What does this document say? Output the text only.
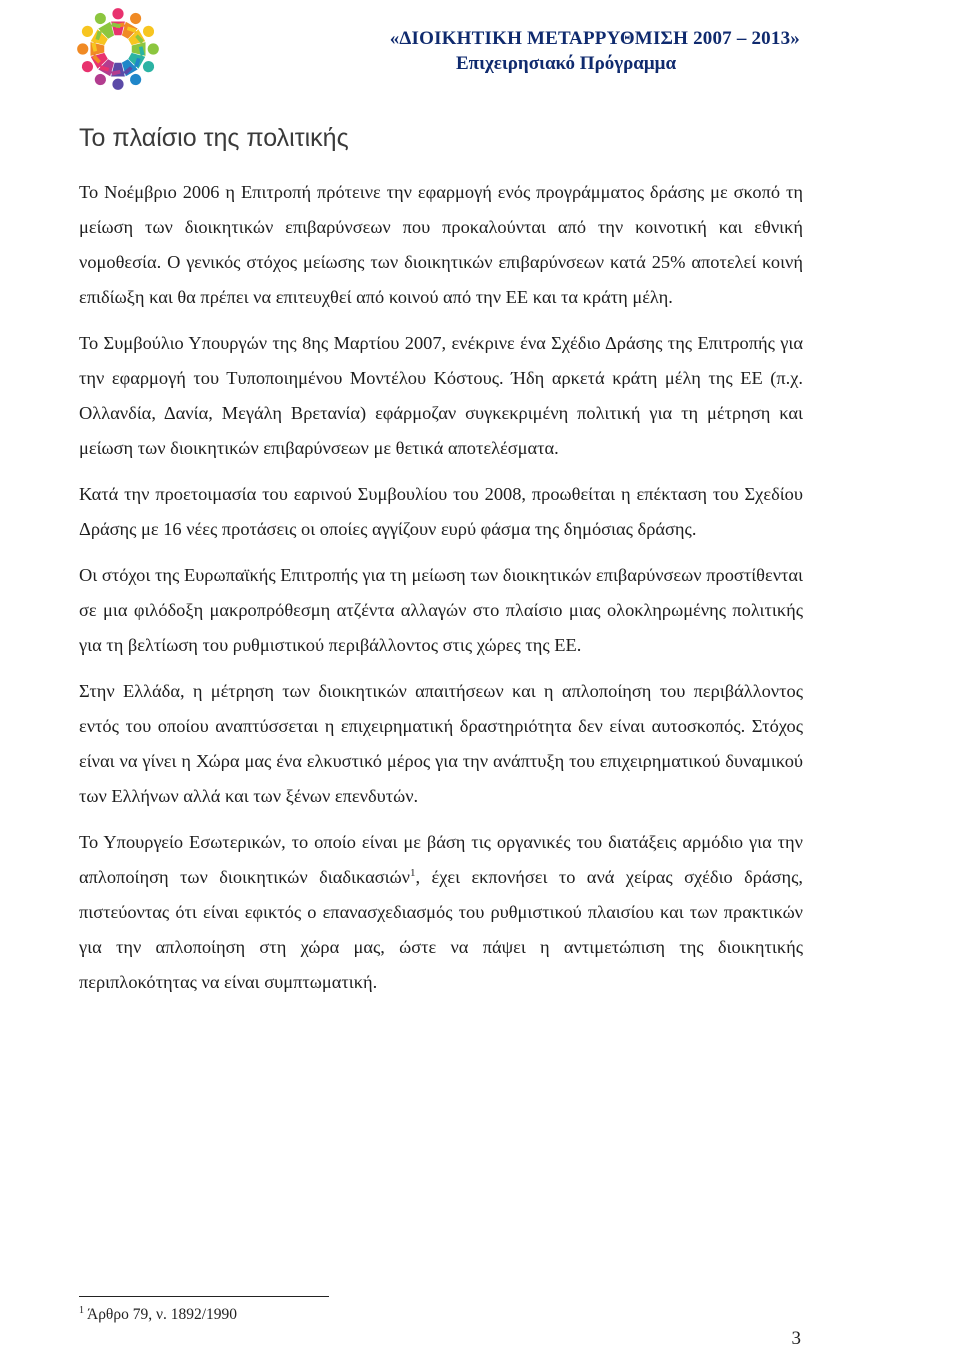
«ΔΙΟΙΚΗΤΙΚΗ ΜΕΤΑΡΡΥΘΜΙΣΗ 2007 – 2013»
Επιχειρησιακό Πρόγραμμα
Το πλαίσιο της πολιτικής

Το Νοέμβριο 2006 η Επιτροπή πρότεινε την εφαρμογή ενός προγράμματος δράσης με σκοπό τη μείωση των διοικητικών επιβαρύνσεων που προκαλούνται από την κοινοτική και εθνική νομοθεσία. Ο γενικός στόχος μείωσης των διοικητικών επιβαρύνσεων κατά 25% αποτελεί κοινή επιδίωξη και θα πρέπει να επιτευχθεί από κοινού από την ΕΕ και τα κράτη μέλη.

Το Συμβούλιο Υπουργών της 8ης Μαρτίου 2007, ενέκρινε ένα Σχέδιο Δράσης της Επιτροπής για την εφαρμογή του Τυποποιημένου Μοντέλου Κόστους. Ήδη αρκετά κράτη μέλη της ΕΕ (π.χ. Ολλανδία, Δανία, Μεγάλη Βρετανία) εφάρμοζαν συγκεκριμένη πολιτική για τη μέτρηση και μείωση των διοικητικών επιβαρύνσεων με θετικά αποτελέσματα.

Κατά την προετοιμασία του εαρινού Συμβουλίου του 2008, προωθείται η επέκταση του Σχεδίου Δράσης με 16 νέες προτάσεις οι οποίες αγγίζουν ευρύ φάσμα της δημόσιας δράσης.

Οι στόχοι της Ευρωπαϊκής Επιτροπής για τη μείωση των διοικητικών επιβαρύνσεων προστίθενται σε μια φιλόδοξη μακροπρόθεσμη ατζέντα αλλαγών στο πλαίσιο μιας ολοκληρωμένης πολιτικής για τη βελτίωση του ρυθμιστικού περιβάλλοντος στις χώρες της ΕΕ.

Στην Ελλάδα, η μέτρηση των διοικητικών απαιτήσεων και η απλοποίηση του περιβάλλοντος εντός του οποίου αναπτύσσεται η επιχειρηματική δραστηριότητα δεν είναι αυτοσκοπός. Στόχος είναι να γίνει η Χώρα μας ένα ελκυστικό μέρος για την ανάπτυξη του επιχειρηματικού δυναμικού των Ελλήνων αλλά και των ξένων επενδυτών.

Το Υπουργείο Εσωτερικών, το οποίο είναι με βάση τις οργανικές του διατάξεις αρμόδιο για την απλοποίηση των διοικητικών διαδικασιών$^1$, έχει εκπονήσει το ανά χείρας σχέδιο δράσης, πιστεύοντας ότι είναι εφικτός ο επανασχεδιασμός του ρυθμιστικού πλαισίου και των πρακτικών για την απλοποίηση στη χώρα μας, ώστε να πάψει η αντιμετώπιση της διοικητικής περιπλοκότητας να είναι συμπτωματική.

$^1$ Άρθρο 79, ν. 1892/1990
3
